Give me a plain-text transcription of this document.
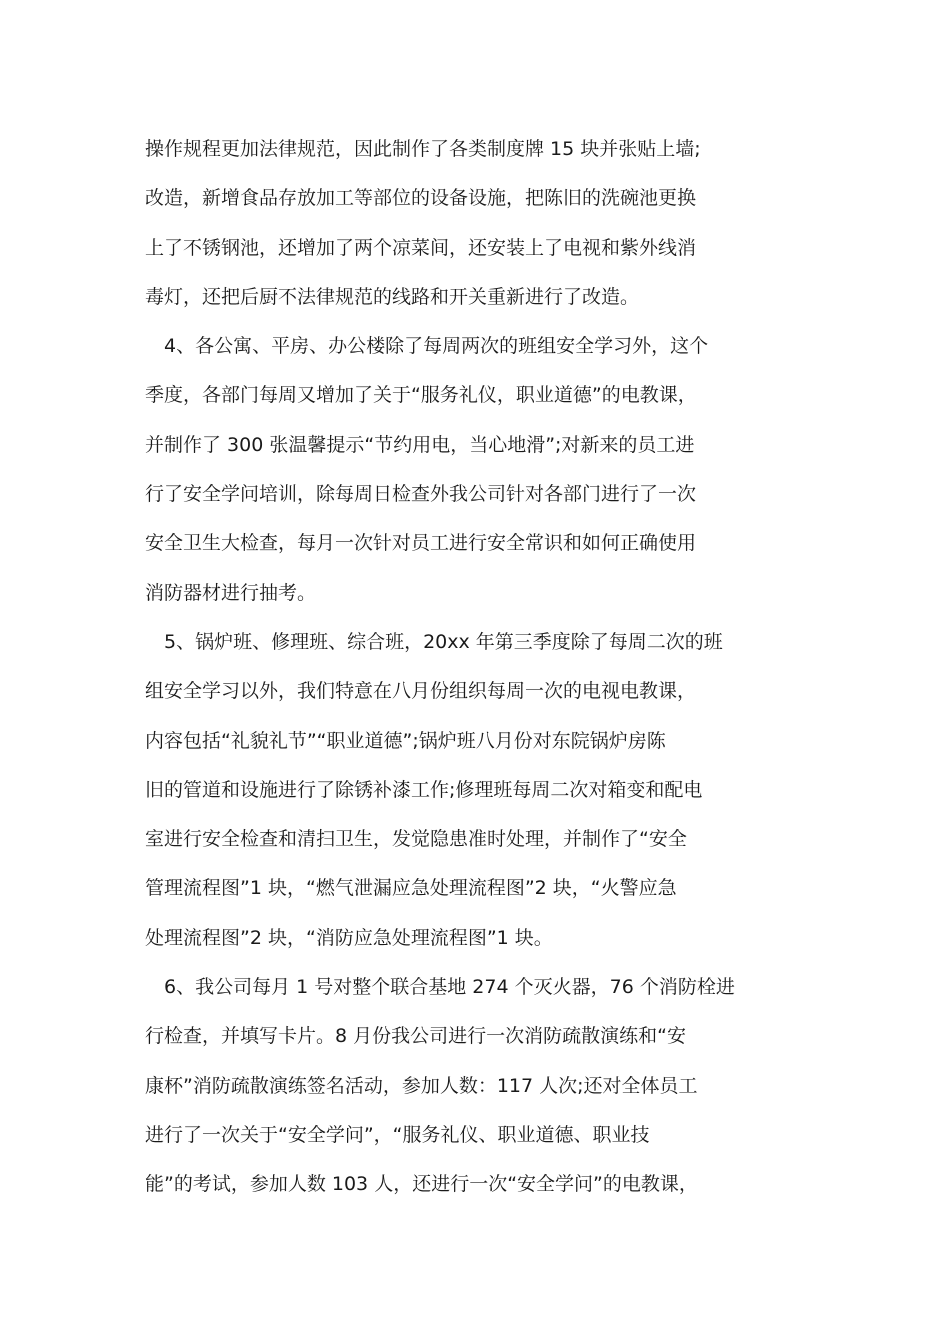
操作规程更加法律规范，因此制作了各类制度牌 15 块并张贴上墙;
改造，新增食品存放加工等部位的设备设施，把陈旧的洗碗池更换
上了不锈钢池，还增加了两个凉菜间，还安装上了电视和紫外线消
毒灯，还把后厨不法律规范的线路和开关重新进行了改造。
4、各公寓、平房、办公楼除了每周两次的班组安全学习外，这个
季度，各部门每周又增加了关于“服务礼仪，职业道德”的电教课，
并制作了 300 张温馨提示“节约用电，当心地滑”;对新来的员工进
行了安全学问培训，除每周日检查外我公司针对各部门进行了一次
安全卫生大检查，每月一次针对员工进行安全常识和如何正确使用
消防器材进行抽考。
5、锅炉班、修理班、综合班，20xx 年第三季度除了每周二次的班
组安全学习以外，我们特意在八月份组织每周一次的电视电教课，
内容包括“礼貌礼节”“职业道德”;锅炉班八月份对东院锅炉房陈
旧的管道和设施进行了除锈补漆工作;修理班每周二次对箱变和配电
室进行安全检查和清扫卫生，发觉隐患准时处理，并制作了“安全
管理流程图”1 块，“燃气泄漏应急处理流程图”2 块，“火警应急
处理流程图”2 块，“消防应急处理流程图”1 块。
6、我公司每月 1 号对整个联合基地 274 个灭火器，76 个消防栓进
行检查，并填写卡片。8 月份我公司进行一次消防疏散演练和“安
康杯”消防疏散演练签名活动，参加人数：117 人次;还对全体员工
进行了一次关于“安全学问”，“服务礼仪、职业道德、职业技
能”的考试，参加人数 103 人，还进行一次“安全学问”的电教课，
